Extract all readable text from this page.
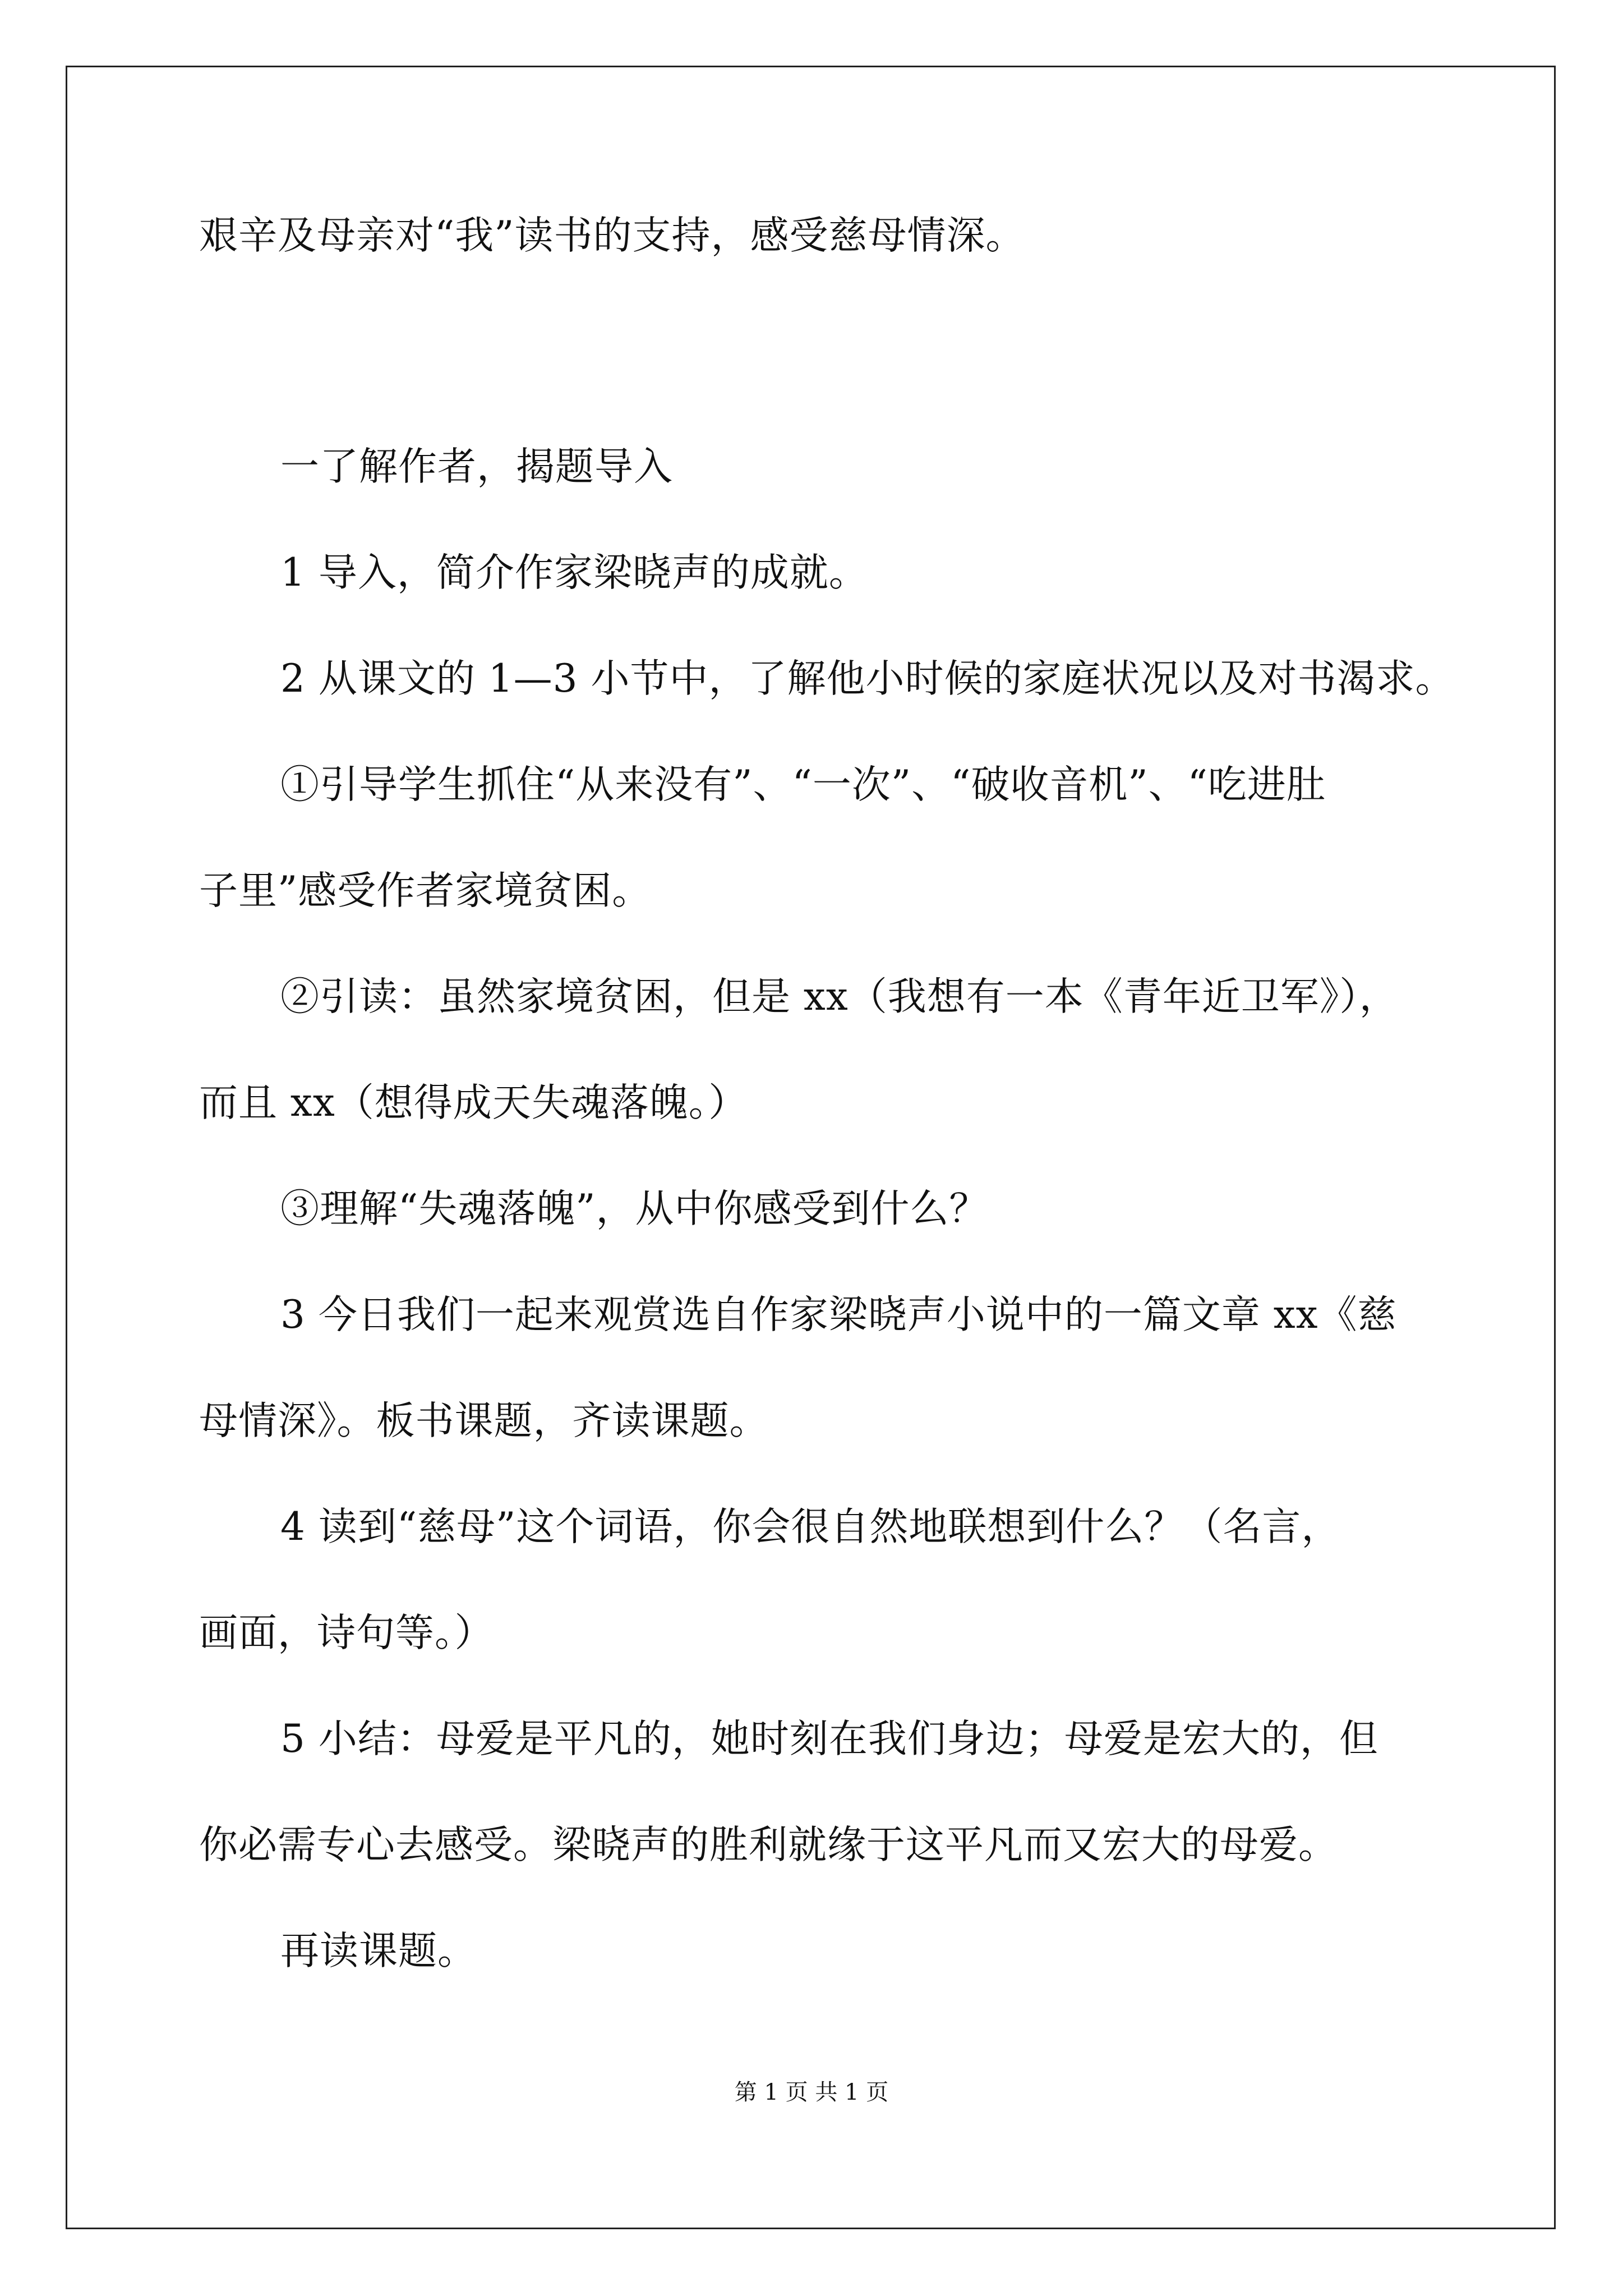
艰辛及母亲对“我”读书的支持，感受慈母情深。
一了解作者，揭题导入
1 导入，简介作家梁晓声的成就。
2 从课文的 1—3 小节中，了解他小时候的家庭状况以及对书渴求。
①引导学生抓住“从来没有”、“一次”、“破收音机”、“吃进肚
子里”感受作者家境贫困。
②引读：虽然家境贫困，但是 xx（我想有一本《青年近卫军》），
而且 xx（想得成天失魂落魄。）
③理解“失魂落魄”，从中你感受到什么？
3 今日我们一起来观赏选自作家梁晓声小说中的一篇文章 xx《慈
母情深》。板书课题，齐读课题。
4 读到“慈母”这个词语，你会很自然地联想到什么？（名言，
画面，诗句等。）
5 小结：母爱是平凡的，她时刻在我们身边；母爱是宏大的，但
你必需专心去感受。梁晓声的胜利就缘于这平凡而又宏大的母爱。
再读课题。
第 1 页 共 1 页
